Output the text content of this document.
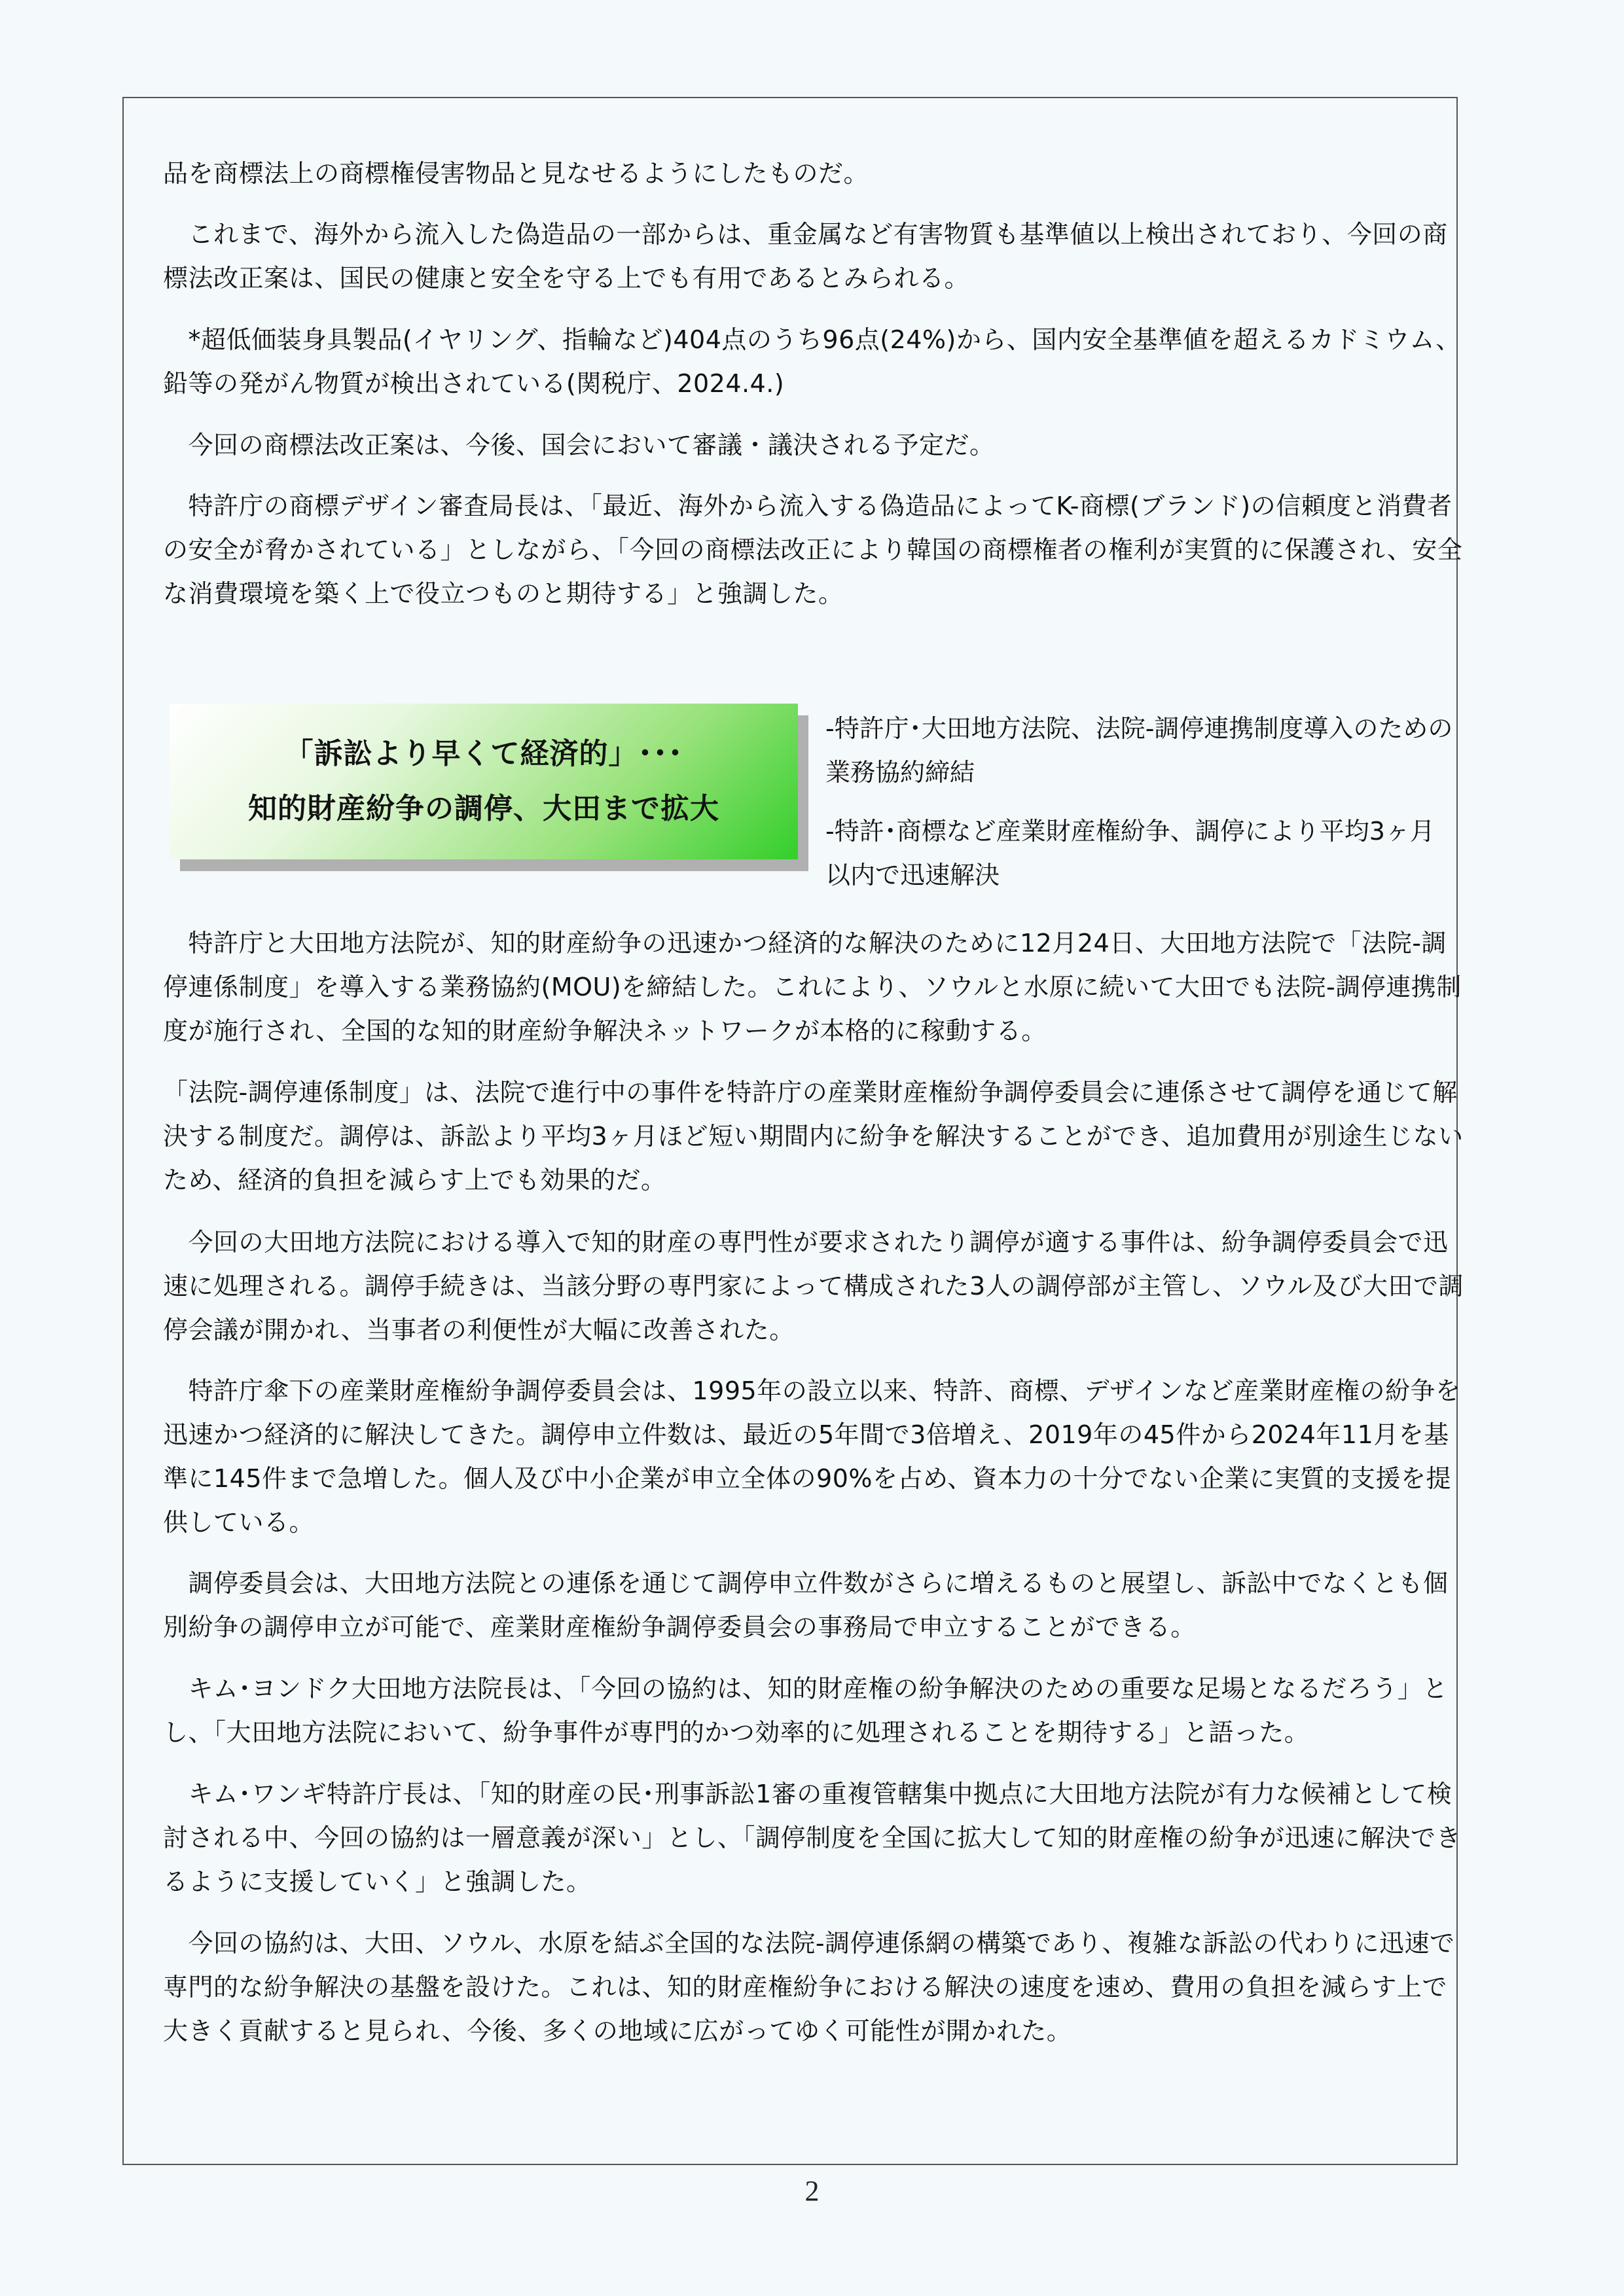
品を商標法上の商標権侵害物品と見なせるようにしたものだ。

　これまで、海外から流入した偽造品の一部からは、重金属など有害物質も基準値以上検出されており、今回の商標法改正案は、国民の健康と安全を守る上でも有用であるとみられる。

　*超低価装身具製品(イヤリング、指輪など)404点のうち96点(24%)から、国内安全基準値を超えるカドミウム、鉛等の発がん物質が検出されている(関税庁、2024.4.)

　今回の商標法改正案は、今後、国会において審議・議決される予定だ。

　特許庁の商標デザイン審査局長は、「最近、海外から流入する偽造品によってK-商標(ブランド)の信頼度と消費者の安全が脅かされている」としながら、「今回の商標法改正により韓国の商標権者の権利が実質的に保護され、安全な消費環境を築く上で役立つものと期待する」と強調した。

「訴訟より早くて経済的」･･･
知的財産紛争の調停、大田まで拡大

-特許庁･大田地方法院、法院-調停連携制度導入のための業務協約締結

-特許･商標など産業財産権紛争、調停により平均3ヶ月以内で迅速解決

　特許庁と大田地方法院が、知的財産紛争の迅速かつ経済的な解決のために12月24日、大田地方法院で「法院-調停連係制度」を導入する業務協約(MOU)を締結した。これにより、ソウルと水原に続いて大田でも法院-調停連携制度が施行され、全国的な知的財産紛争解決ネットワークが本格的に稼動する。

「法院-調停連係制度」は、法院で進行中の事件を特許庁の産業財産権紛争調停委員会に連係させて調停を通じて解決する制度だ。調停は、訴訟より平均3ヶ月ほど短い期間内に紛争を解決することができ、追加費用が別途生じないため、経済的負担を減らす上でも効果的だ。

　今回の大田地方法院における導入で知的財産の専門性が要求されたり調停が適する事件は、紛争調停委員会で迅速に処理される。調停手続きは、当該分野の専門家によって構成された3人の調停部が主管し、ソウル及び大田で調停会議が開かれ、当事者の利便性が大幅に改善された。

　特許庁傘下の産業財産権紛争調停委員会は、1995年の設立以来、特許、商標、デザインなど産業財産権の紛争を迅速かつ経済的に解決してきた。調停申立件数は、最近の5年間で3倍増え、2019年の45件から2024年11月を基準に145件まで急増した。個人及び中小企業が申立全体の90%を占め、資本力の十分でない企業に実質的支援を提供している。

　調停委員会は、大田地方法院との連係を通じて調停申立件数がさらに増えるものと展望し、訴訟中でなくとも個別紛争の調停申立が可能で、産業財産権紛争調停委員会の事務局で申立することができる。

　キム･ヨンドク大田地方法院長は、「今回の協約は、知的財産権の紛争解決のための重要な足場となるだろう」とし、「大田地方法院において、紛争事件が専門的かつ効率的に処理されることを期待する」と語った。

　キム･ワンギ特許庁長は、「知的財産の民･刑事訴訟1審の重複管轄集中拠点に大田地方法院が有力な候補として検討される中、今回の協約は一層意義が深い」とし、「調停制度を全国に拡大して知的財産権の紛争が迅速に解決できるように支援していく」と強調した。

　今回の協約は、大田、ソウル、水原を結ぶ全国的な法院-調停連係網の構築であり、複雑な訴訟の代わりに迅速で専門的な紛争解決の基盤を設けた。これは、知的財産権紛争における解決の速度を速め、費用の負担を減らす上で大きく貢献すると見られ、今後、多くの地域に広がってゆく可能性が開かれた。

2
